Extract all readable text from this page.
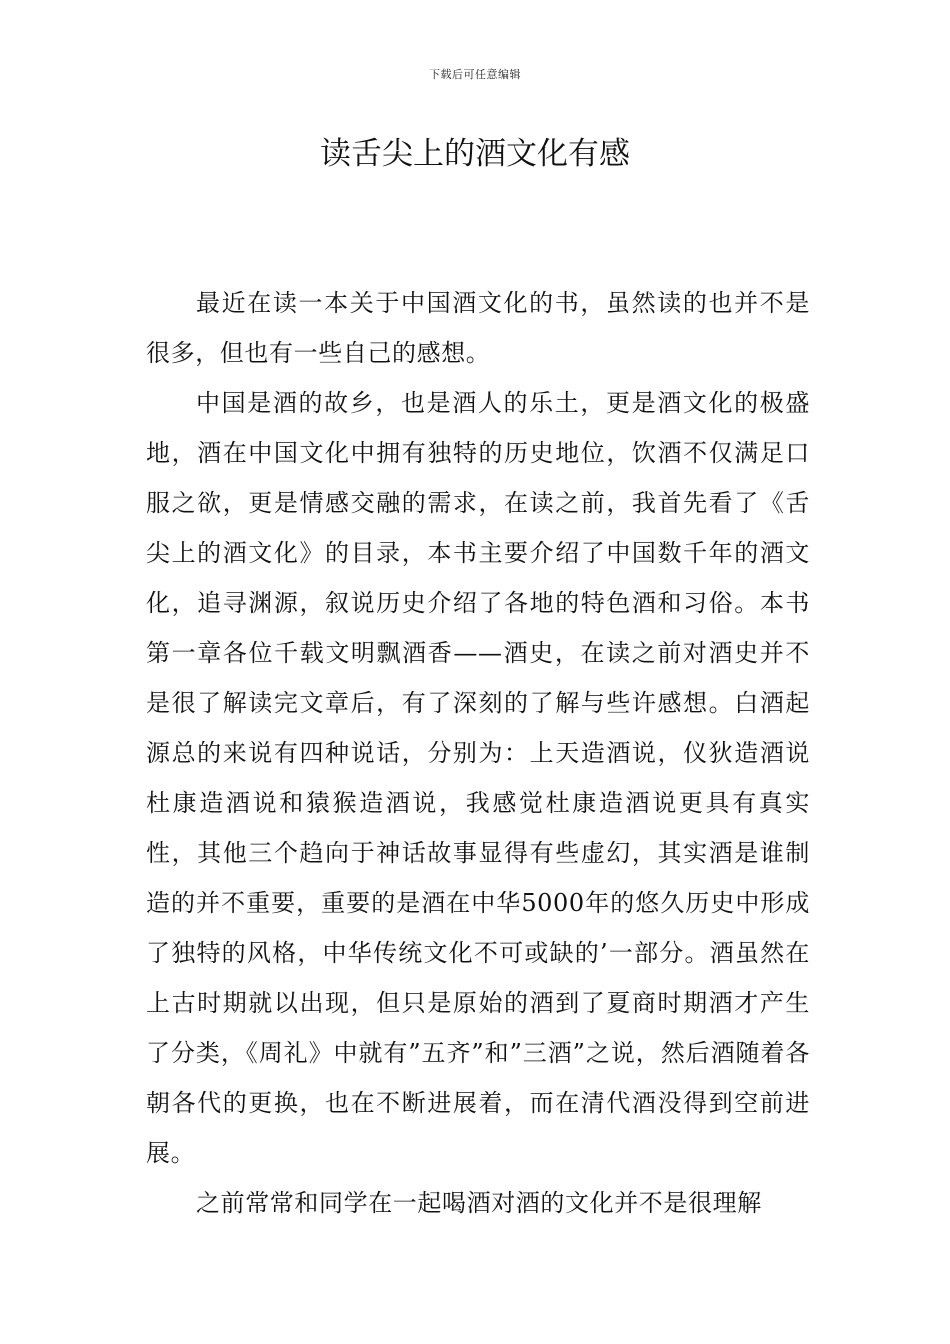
下载后可任意编辑
读舌尖上的酒文化有感

最近在读一本关于中国酒文化的书，虽然读的也并不是很多，但也有一些自己的感想。

中国是酒的故乡，也是酒人的乐土，更是酒文化的极盛地，酒在中国文化中拥有独特的历史地位，饮酒不仅满足口服之欲，更是情感交融的需求，在读之前，我首先看了《舌尖上的酒文化》的目录，本书主要介绍了中国数千年的酒文化，追寻渊源，叙说历史介绍了各地的特色酒和习俗。本书第一章各位千载文明飘酒香——酒史，在读之前对酒史并不是很了解读完文章后，有了深刻的了解与些许感想。白酒起源总的来说有四种说话，分别为：上天造酒说，仪狄造酒说杜康造酒说和猿猴造酒说，我感觉杜康造酒说更具有真实性，其他三个趋向于神话故事显得有些虚幻，其实酒是谁制造的并不重要，重要的是酒在中华5000年的悠久历史中形成了独特的风格，中华传统文化不可或缺的’一部分。酒虽然在上古时期就以出现，但只是原始的酒到了夏商时期酒才产生了分类，《周礼》中就有”五齐”和”三酒”之说，然后酒随着各朝各代的更换，也在不断进展着，而在清代酒没得到空前进展。

之前常常和同学在一起喝酒对酒的文化并不是很理解
